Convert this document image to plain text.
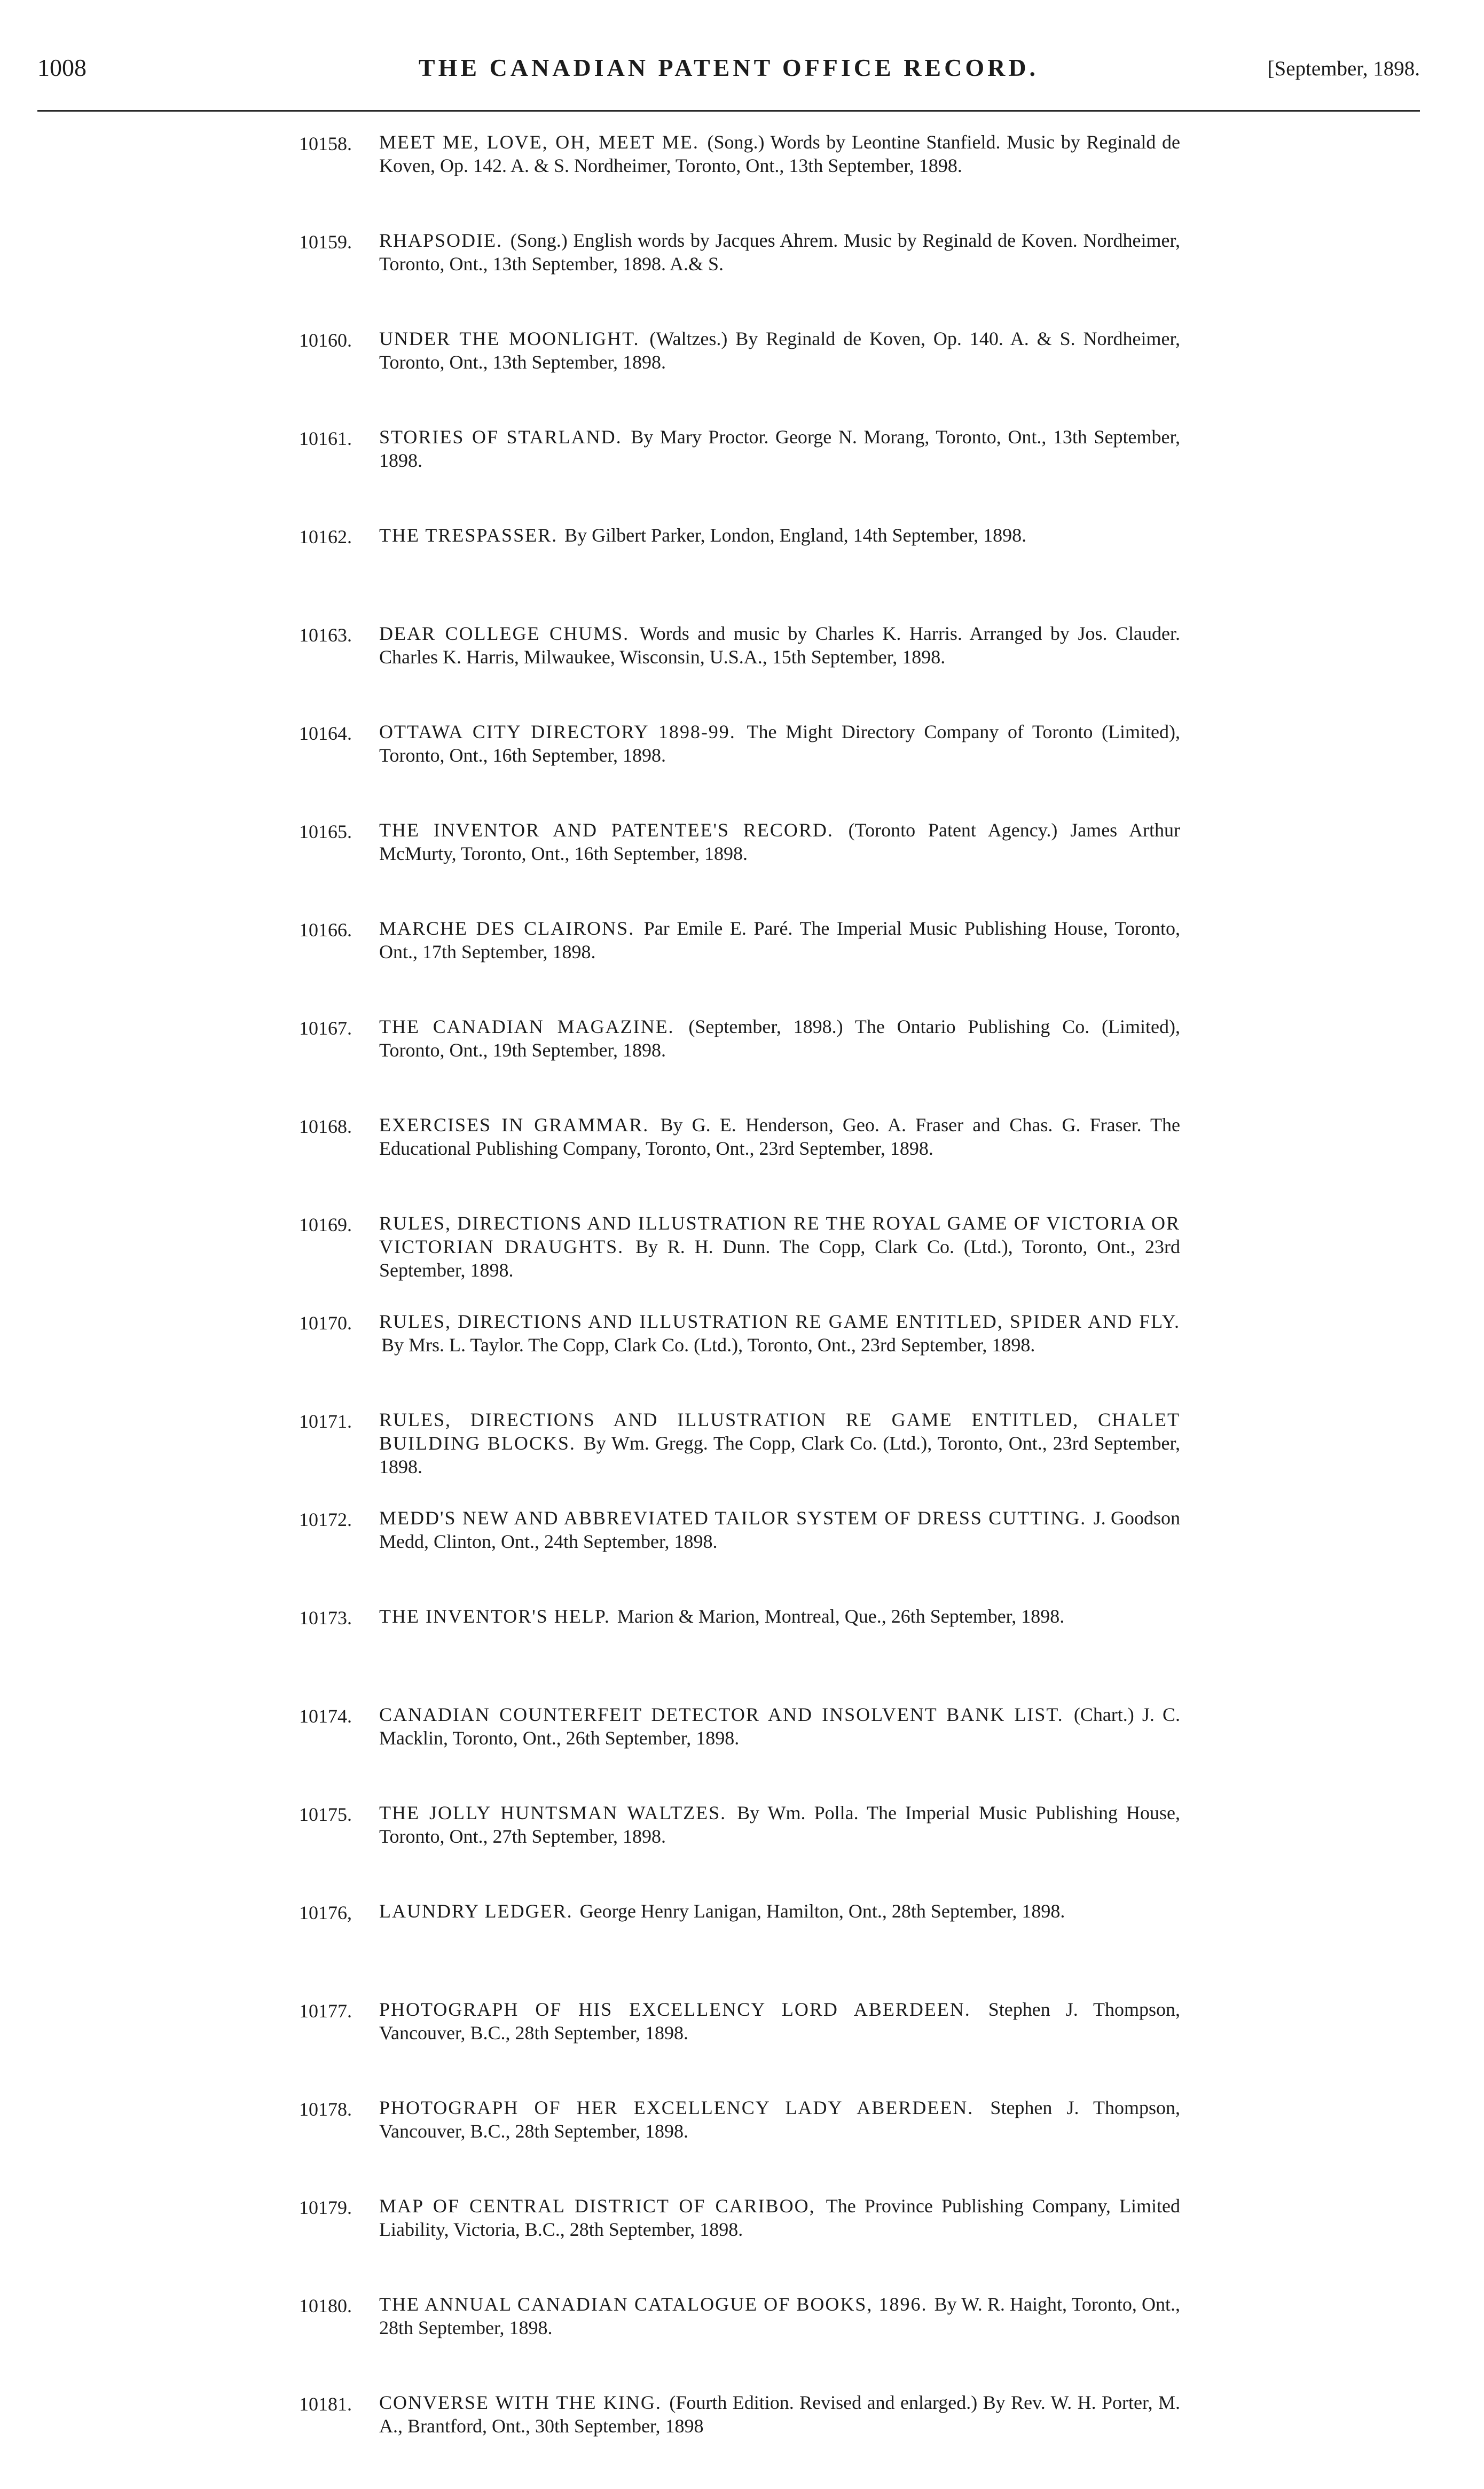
1008	THE CANADIAN PATENT OFFICE RECORD.	[September, 1898.
10158. MEET ME, LOVE, OH, MEET ME. (Song.) Words by Leontine Stanfield. Music by Reginald de Koven, Op. 142. A. & S. Nordheimer, Toronto, Ont., 13th September, 1898.
10159. RHAPSODIE. (Song.) English words by Jacques Ahrem. Music by Reginald de Koven. Nordheimer, Toronto, Ont., 13th September, 1898. A.& S.
10160. UNDER THE MOONLIGHT. (Waltzes.) By Reginald de Koven, Op. 140. A. & S. Nordheimer, Toronto, Ont., 13th September, 1898.
10161. STORIES OF STARLAND. By Mary Proctor. George N. Morang, Toronto, Ont., 13th September, 1898.
10162. THE TRESPASSER. By Gilbert Parker, London, England, 14th September, 1898.
10163. DEAR COLLEGE CHUMS. Words and music by Charles K. Harris. Arranged by Jos. Clauder. Charles K. Harris, Milwaukee, Wisconsin, U.S.A., 15th September, 1898.
10164. OTTAWA CITY DIRECTORY 1898-99. The Might Directory Company of Toronto (Limited), Toronto, Ont., 16th September, 1898.
10165. THE INVENTOR AND PATENTEE'S RECORD. (Toronto Patent Agency.) James Arthur McMurty, Toronto, Ont., 16th September, 1898.
10166. MARCHE DES CLAIRONS. Par Emile E. Paré. The Imperial Music Publishing House, Toronto, Ont., 17th September, 1898.
10167. THE CANADIAN MAGAZINE. (September, 1898.) The Ontario Publishing Co. (Limited), Toronto, Ont., 19th September, 1898.
10168. EXERCISES IN GRAMMAR. By G. E. Henderson, Geo. A. Fraser and Chas. G. Fraser. The Educational Publishing Company, Toronto, Ont., 23rd September, 1898.
10169. RULES, DIRECTIONS AND ILLUSTRATION RE THE ROYAL GAME OF VICTORIA OR VICTORIAN DRAUGHTS. By R. H. Dunn. The Copp, Clark Co. (Ltd.), Toronto, Ont., 23rd September, 1898.
10170. RULES, DIRECTIONS AND ILLUSTRATION RE GAME ENTITLED, SPIDER AND FLY. By Mrs. L. Taylor. The Copp, Clark Co. (Ltd.), Toronto, Ont., 23rd September, 1898.
10171. RULES, DIRECTIONS AND ILLUSTRATION RE GAME ENTITLED, CHALET BUILDING BLOCKS. By Wm. Gregg. The Copp, Clark Co. (Ltd.), Toronto, Ont., 23rd September, 1898.
10172. MEDD'S NEW AND ABBREVIATED TAILOR SYSTEM OF DRESS CUTTING. J. Goodson Medd, Clinton, Ont., 24th September, 1898.
10173. THE INVENTOR'S HELP. Marion & Marion, Montreal, Que., 26th September, 1898.
10174. CANADIAN COUNTERFEIT DETECTOR AND INSOLVENT BANK LIST. (Chart.) J. C. Macklin, Toronto, Ont., 26th September, 1898.
10175. THE JOLLY HUNTSMAN WALTZES. By Wm. Polla. The Imperial Music Publishing House, Toronto, Ont., 27th September, 1898.
10176, LAUNDRY LEDGER. George Henry Lanigan, Hamilton, Ont., 28th September, 1898.
10177. PHOTOGRAPH OF HIS EXCELLENCY LORD ABERDEEN. Stephen J. Thompson, Vancouver, B.C., 28th September, 1898.
10178. PHOTOGRAPH OF HER EXCELLENCY LADY ABERDEEN. Stephen J. Thompson, Vancouver, B.C., 28th September, 1898.
10179. MAP OF CENTRAL DISTRICT OF CARIBOO, The Province Publishing Company, Limited Liability, Victoria, B.C., 28th September, 1898.
10180. THE ANNUAL CANADIAN CATALOGUE OF BOOKS, 1896. By W. R. Haight, Toronto, Ont., 28th September, 1898.
10181. CONVERSE WITH THE KING. (Fourth Edition. Revised and enlarged.) By Rev. W. H. Porter, M. A., Brantford, Ont., 30th September, 1898
